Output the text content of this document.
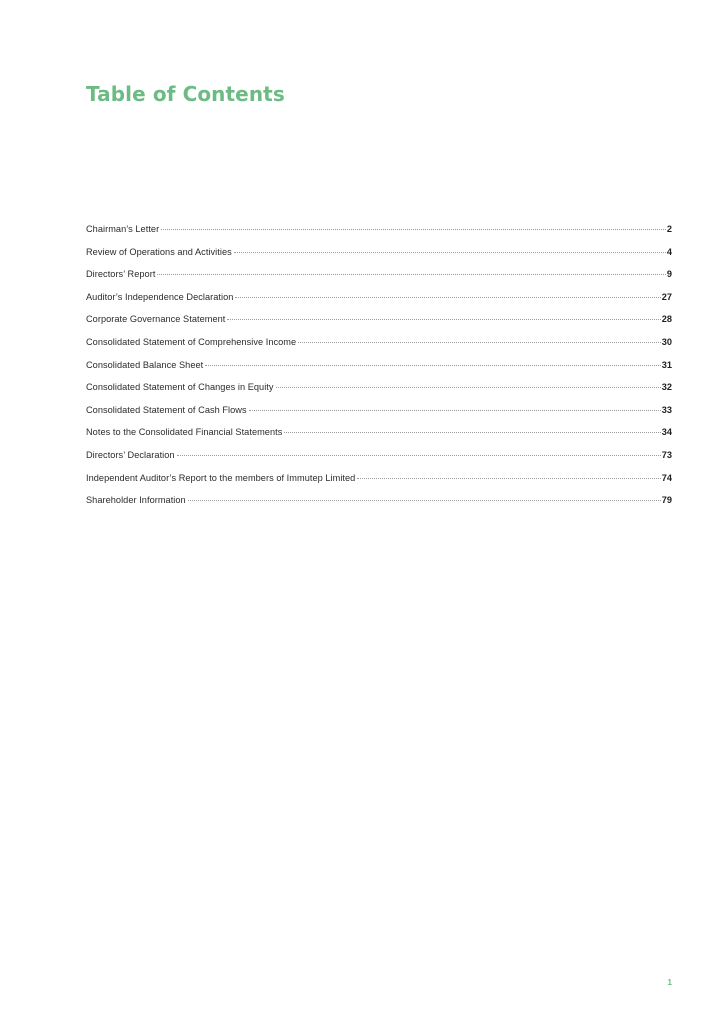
Table of Contents
Chairman’s Letter	2
Review of Operations and Activities	4
Directors’ Report	9
Auditor’s Independence Declaration	27
Corporate Governance Statement	28
Consolidated Statement of Comprehensive Income	30
Consolidated Balance Sheet	31
Consolidated Statement of Changes in Equity	32
Consolidated Statement of Cash Flows	33
Notes to the Consolidated Financial Statements	34
Directors’ Declaration	73
Independent Auditor’s Report to the members of Immutep Limited	74
Shareholder Information	79
1
